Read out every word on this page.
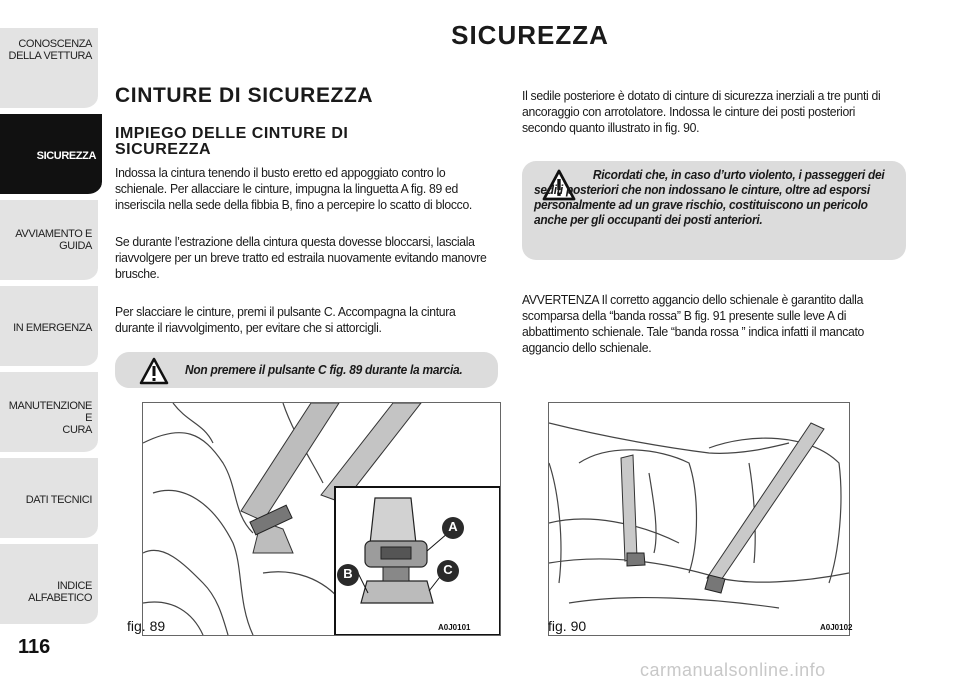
CONOSCENZA
DELLA VETTURA
SICUREZZA
AVVIAMENTO E
GUIDA
IN EMERGENZA
MANUTENZIONE E
CURA
DATI TECNICI
INDICE ALFABETICO
116
SICUREZZA
CINTURE DI SICUREZZA
IMPIEGO DELLE CINTURE DI SICUREZZA
Indossa la cintura tenendo il busto eretto ed appoggiato contro lo schienale. Per allacciare le cinture, impugna la linguetta A fig. 89 ed inseriscila nella sede della fibbia B, fino a percepire lo scatto di blocco.
Se durante l’estrazione della cintura questa dovesse bloccarsi, lasciala riavvolgere per un breve tratto ed estraila nuovamente evitando manovre brusche.
Per slacciare le cinture, premi il pulsante C. Accompagna la cintura durante il riavvolgimento, per evitare che si attorcigli.
Non premere il pulsante C fig. 89 durante la marcia.
A
B	C
fig. 89	A0J0101
Il sedile posteriore è dotato di cinture di sicurezza inerziali a tre punti di ancoraggio con arrotolatore. Indossa le cinture dei posti posteriori secondo quanto illustrato in fig. 90.
Ricordati che, in caso d’urto violento, i passeggeri dei sedili posteriori che non indossano le cinture, oltre ad esporsi personalmente ad un grave rischio, costituiscono un pericolo anche per gli occupanti dei posti anteriori.
AVVERTENZA Il corretto aggancio dello schienale è garantito dalla scomparsa della “banda rossa” B fig. 91 presente sulle leve A di abbattimento schienale. Tale “banda rossa ” indica infatti il mancato aggancio dello schienale.
fig. 90	A0J0102
carmanualsonline.info
